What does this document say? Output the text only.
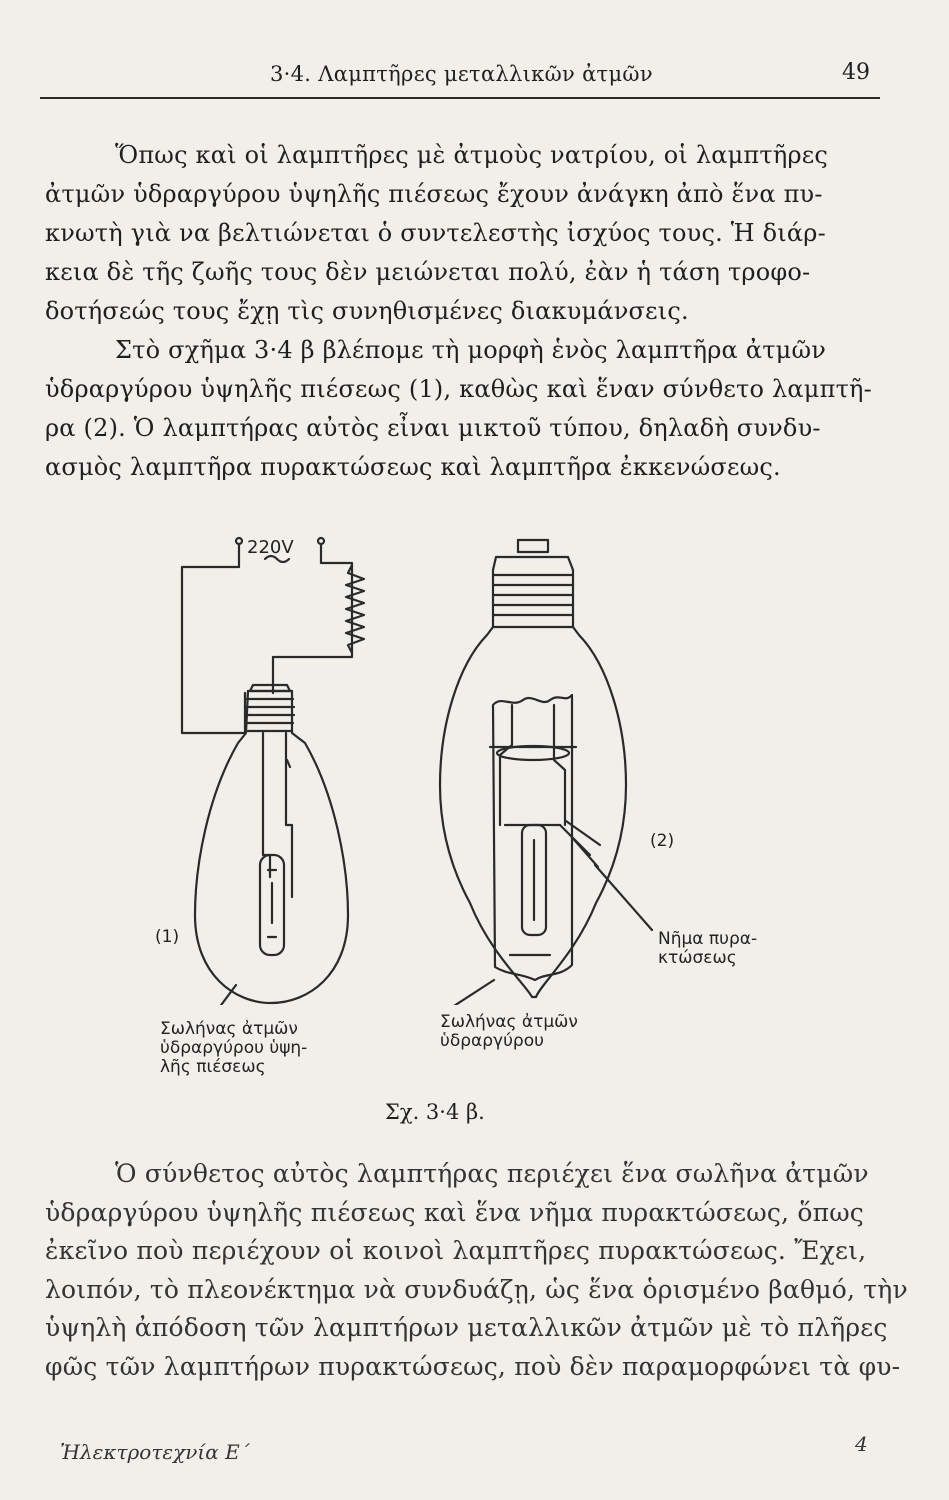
3·4. Λαμπτῆρες μεταλλικῶν ἀτμῶν	49
Ὅπως καὶ οἱ λαμπτῆρες μὲ ἀτμοὺς νατρίου, οἱ λαμπτῆρες
ἀτμῶν ὑδραργύρου ὑψηλῆς πιέσεως ἔχουν ἀνάγκη ἀπὸ ἕνα πυ-
κνωτὴ γιὰ να βελτιώνεται ὁ συντελεστὴς ἰσχύος τους. Ἡ διάρ-
κεια δὲ τῆς ζωῆς τους δὲν μειώνεται πολύ, ἐὰν ἡ τάση τροφο-
δοτήσεώς τους ἔχῃ τὶς συνηθισμένες διακυμάνσεις.
Στὸ σχῆμα 3·4 β βλέπομε τὴ μορφὴ ἑνὸς λαμπτῆρα ἀτμῶν
ὑδραργύρου ὑψηλῆς πιέσεως (1), καθὼς καὶ ἕναν σύνθετο λαμπτῆ-
ρα (2). Ὁ λαμπτήρας αὐτὸς εἶναι μικτοῦ τύπου, δηλαδὴ συνδυ-
ασμὸς λαμπτῆρα πυρακτώσεως καὶ λαμπτῆρα ἐκκενώσεως.
220V
(1)
(2)
Σωλήνας ἀτμῶν
ὑδραργύρου ὑψη-
λῆς πιέσεως
Σωλήνας ἀτμῶν
ὑδραργύρου
Νῆμα πυρα-
κτώσεως
Σχ. 3·4 β.
Ὁ σύνθετος αὐτὸς λαμπτήρας περιέχει ἕνα σωλῆνα ἀτμῶν
ὑδραργύρου ὑψηλῆς πιέσεως καὶ ἕνα νῆμα πυρακτώσεως, ὅπως
ἐκεῖνο ποὺ περιέχουν οἱ κοινοὶ λαμπτῆρες πυρακτώσεως. Ἔχει,
λοιπόν, τὸ πλεονέκτημα νὰ συνδυάζῃ, ὡς ἕνα ὁρισμένο βαθμό, τὴν
ὑψηλὴ ἀπόδοση τῶν λαμπτήρων μεταλλικῶν ἀτμῶν μὲ τὸ πλῆρες
φῶς τῶν λαμπτήρων πυρακτώσεως, ποὺ δὲν παραμορφώνει τὰ φυ-
Ἠλεκτροτεχνία Ε΄	4
